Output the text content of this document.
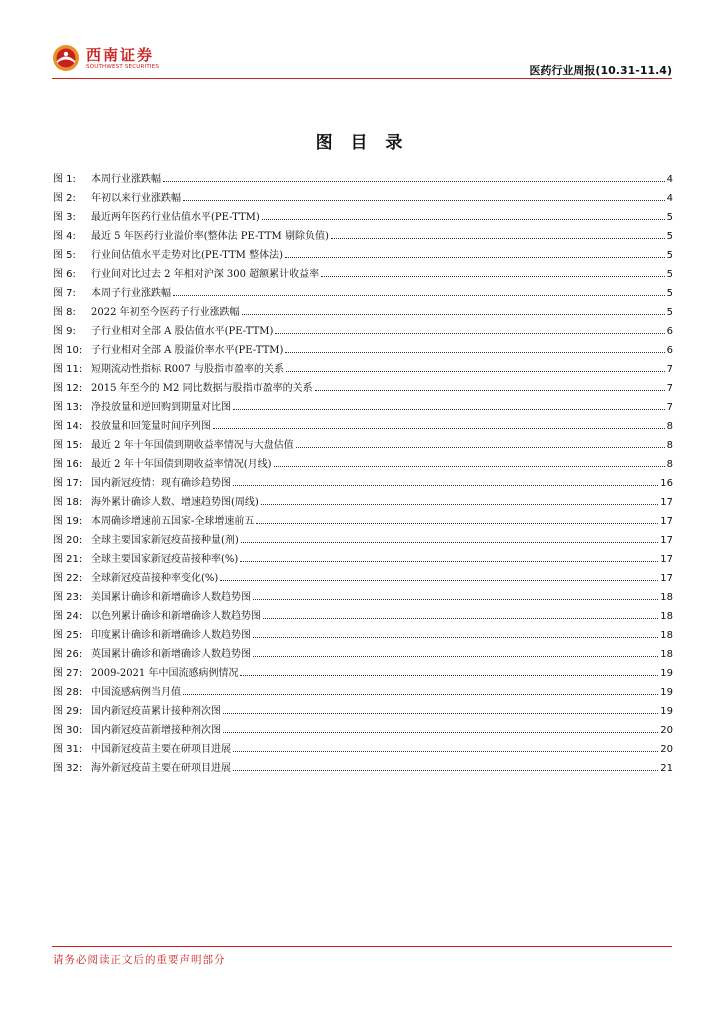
西南证券
SOUTHWEST SECURITIES	医药行业周报(10.31-11.4)
图 目 录
图 1:	本周行业涨跌幅	4
图 2:	年初以来行业涨跌幅	4
图 3:	最近两年医药行业估值水平(PE-TTM)	5
图 4:	最近 5 年医药行业溢价率(整体法 PE-TTM 剔除负值)	5
图 5:	行业间估值水平走势对比(PE-TTM 整体法)	5
图 6:	行业间对比过去 2 年相对沪深 300 超额累计收益率	5
图 7:	本周子行业涨跌幅	5
图 8:	2022 年初至今医药子行业涨跌幅	5
图 9:	子行业相对全部 A 股估值水平(PE-TTM)	6
图 10: 子行业相对全部 A 股溢价率水平(PE-TTM)	6
图 11: 短期流动性指标 R007 与股指市盈率的关系	7
图 12: 2015 年至今的 M2 同比数据与股指市盈率的关系	7
图 13: 净投放量和逆回购到期量对比图	7
图 14: 投放量和回笼量时间序列图	8
图 15: 最近 2 年十年国债到期收益率情况与大盘估值	8
图 16: 最近 2 年十年国债到期收益率情况(月线)	8
图 17: 国内新冠疫情：现有确诊趋势图	16
图 18: 海外累计确诊人数、增速趋势图(周线)	17
图 19: 本周确诊增速前五国家-全球增速前五	17
图 20: 全球主要国家新冠疫苗接种量(剂)	17
图 21: 全球主要国家新冠疫苗接种率(%)	17
图 22: 全球新冠疫苗接种率变化(%)	17
图 23: 美国累计确诊和新增确诊人数趋势图	18
图 24: 以色列累计确诊和新增确诊人数趋势图	18
图 25: 印度累计确诊和新增确诊人数趋势图	18
图 26: 英国累计确诊和新增确诊人数趋势图	18
图 27: 2009-2021 年中国流感病例情况	19
图 28: 中国流感病例当月值	19
图 29: 国内新冠疫苗累计接种剂次图	19
图 30: 国内新冠疫苗新增接种剂次图	20
图 31: 中国新冠疫苗主要在研项目进展	20
图 32: 海外新冠疫苗主要在研项目进展	21
请务必阅读正文后的重要声明部分
